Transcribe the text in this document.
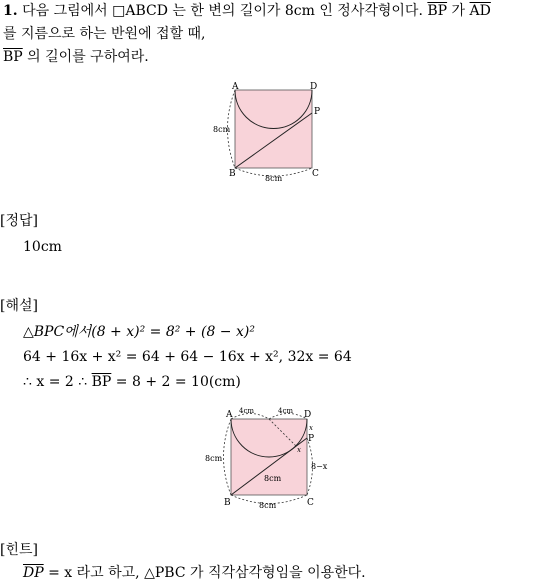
1. 다음 그림에서 □ABCD 는 한 변의 길이가 8cm 인 정사각형이다. $\overline{BP}$ 가 $\overline{AD}$
를 지름으로 하는 반원에 접할 때,
$\overline{BP}$ 의 길이를 구하여라.
A	D
P
B	C
8cm
8cm
[정답]
10cm
[해설]
△BPC에서(8 + x)² = 8² + (8 − x)²
64 + 16x + x² = 64 + 64 − 16x + x², 32x = 64
∴ x = 2 ∴ $\overline{BP} = 8 + 2 = 10(cm)$
A	D
P
B	C
4cm	4cm
8cm
8cm
8−x
8cm
x
x
[힌트]
$\overline{DP} = x$ 라고 하고, △PBC 가 직각삼각형임을 이용한다.
